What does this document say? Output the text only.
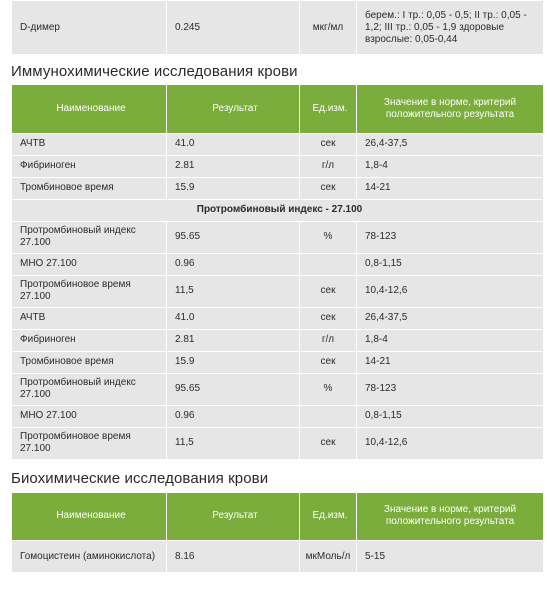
D-димер	0.245	мкг/мл	берем.: I тр.: 0,05 - 0,5; II тр.: 0,05 - 1,2; III тр.: 0,05 - 1,9 здоровые взрослые: 0,05-0,44
Иммунохимические исследования крови
Наименование	Результат	Ед.изм.	Значение в норме, критерий положительного результата
АЧТВ	41.0	сек	26,4-37,5
Фибриноген	2.81	г/л	1,8-4
Тромбиновое время	15.9	сек	14-21
Протромбиновый индекс - 27.100			
Протромбиновый индекс 27.100	95.65	%	78-123
МНО 27.100	0.96		0,8-1,15
Протромбиновое время 27.100	11,5	сек	10,4-12,6
АЧТВ	41.0	сек	26,4-37,5
Фибриноген	2.81	г/л	1,8-4
Тромбиновое время	15.9	сек	14-21
Протромбиновый индекс 27.100	95.65	%	78-123
МНО 27.100	0.96		0,8-1,15
Протромбиновое время 27.100	11,5	сек	10,4-12,6
Биохимические исследования крови
Наименование	Результат	Ед.изм.	Значение в норме, критерий положительного результата
Гомоцистеин (аминокислота)	8.16	мкМоль/л	5-15
